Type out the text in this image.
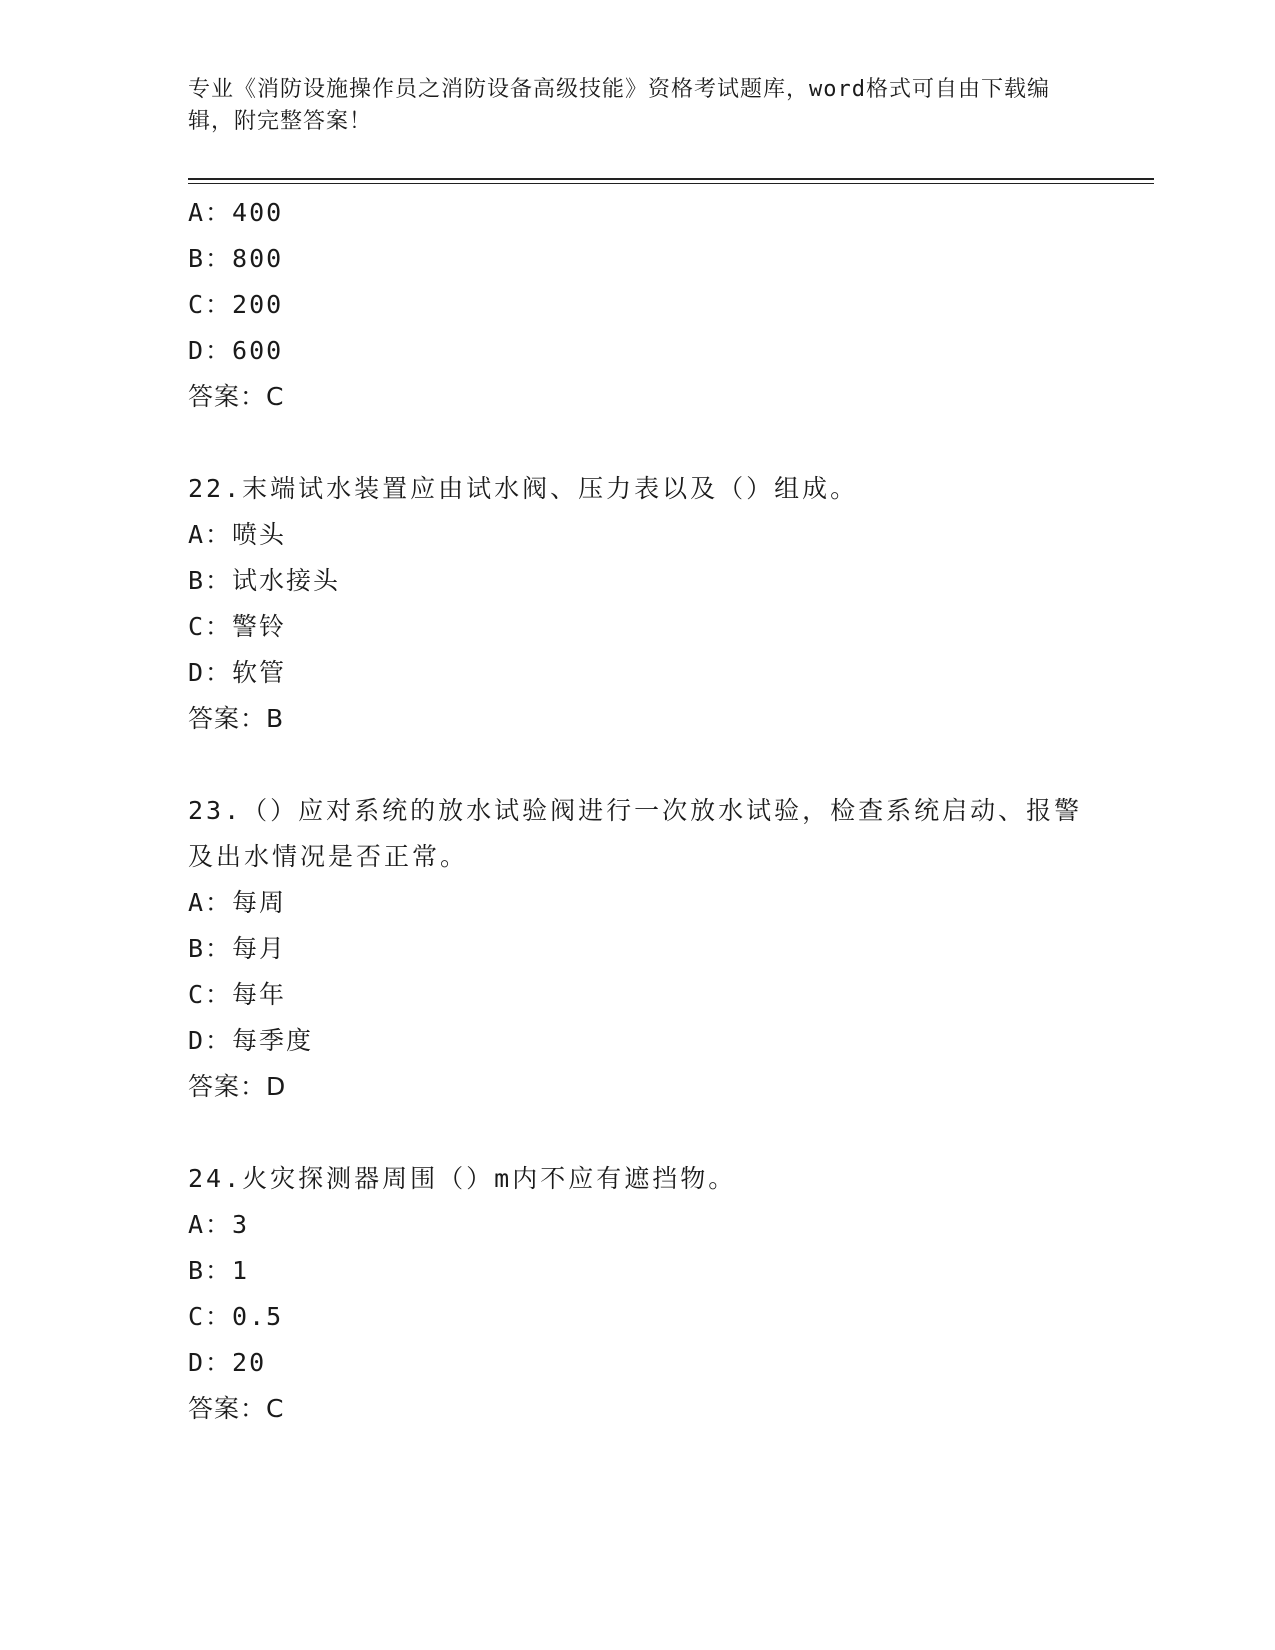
专业《消防设施操作员之消防设备高级技能》资格考试题库，word格式可自由下载编辑，附完整答案！
A：400
B：800
C：200
D：600
答案：C
22.末端试水装置应由试水阀、压力表以及（）组成。
A：喷头
B：试水接头
C：警铃
D：软管
答案：B
23.（）应对系统的放水试验阀进行一次放水试验，检查系统启动、报警及出水情况是否正常。
A：每周
B：每月
C：每年
D：每季度
答案：D
24.火灾探测器周围（）m内不应有遮挡物。
A：3
B：1
C：0.5
D：20
答案：C
